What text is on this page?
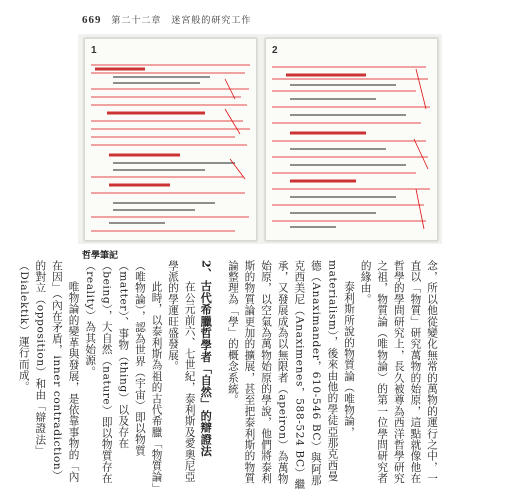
669 第二十二章　迷宮般的研究工作
1	2
哲學筆記

念，所以他從變化無常的萬物的運行之中，一直以「物質」研究萬物的始原，這點就像他在哲學的學問研究上，長久被尊為西洋哲學研究之祖，物質論（唯物論）的第一位學問研究者的緣由。

泰利斯所說的物質論（唯物論，materialism），後來由他的學徒亞那克西曼德（Anaximander，610-546 BC）與阿那克西美尼（Anaximenes，588-524 BC）繼承，又發展成為以無限者（apeiron）為萬物始原，以空氣為萬物始原的學說，他們將泰利斯的物質論更加的擴展，甚至把泰利斯的物質論整理為「學」的概念系統。

2、古代希臘哲學者「自然」的辯證法

在公元前六、七世紀，泰利斯及愛奧尼亞學派的學運旺盛發展。

此時，以泰利斯為祖的古代希臘「物質論」（唯物論），認為世界（宇宙）即以物質（matter）、事物（thing）以及存在（being），大自然（nature）即以物質存在（reality）為其始源。

唯物論的變革與發展，是依靠事物的「內在因」（內在矛盾，inner contradiction）的對立（opposition）和由「辯證法」（Dialektik）運行而成。
